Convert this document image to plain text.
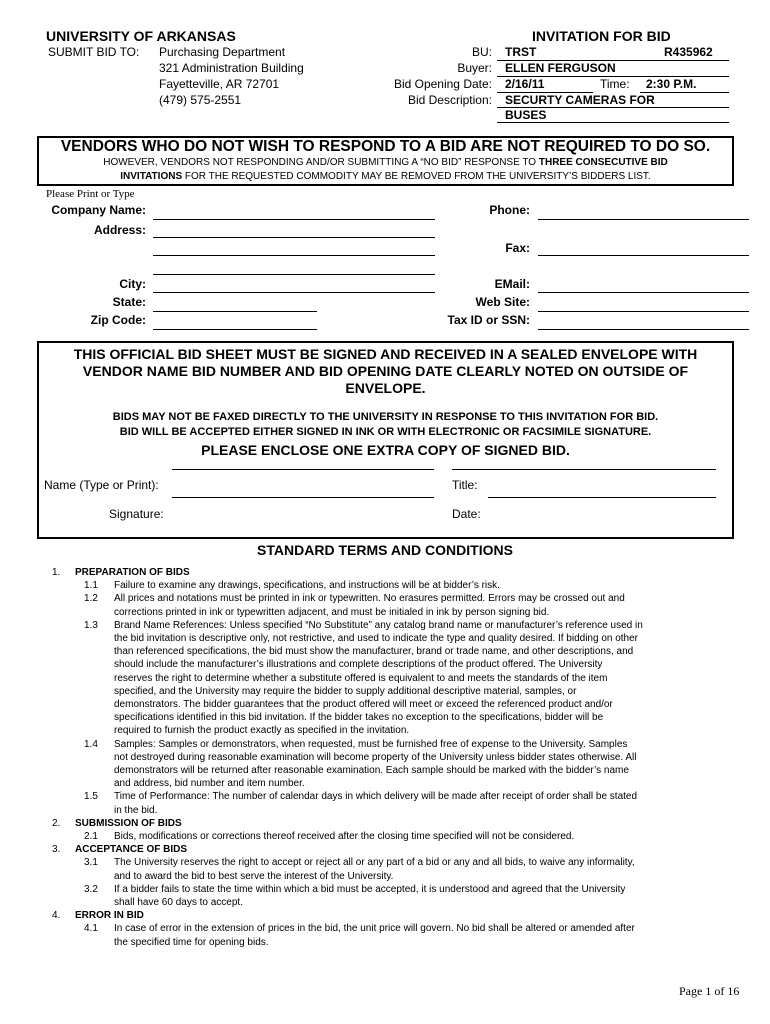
UNIVERSITY OF ARKANSAS	INVITATION FOR BID
SUBMIT BID TO: Purchasing Department
321 Administration Building
Fayetteville, AR 72701
(479) 575-2551
BU: TRST	R435962
Buyer: ELLEN FERGUSON
Bid Opening Date: 2/16/11	Time: 2:30 P.M.
Bid Description: SECURTY CAMERAS FOR
BUSES
VENDORS WHO DO NOT WISH TO RESPOND TO A BID ARE NOT REQUIRED TO DO SO.
HOWEVER, VENDORS NOT RESPONDING AND/OR SUBMITTING A “NO BID” RESPONSE TO THREE CONSECUTIVE BID
INVITATIONS FOR THE REQUESTED COMMODITY MAY BE REMOVED FROM THE UNIVERSITY’S BIDDERS LIST.
Please Print or Type
Company Name:
Address:
City:
State:
Zip Code:
Phone:
Fax:
EMail:
Web Site:
Tax ID or SSN:
THIS OFFICIAL BID SHEET MUST BE SIGNED AND RECEIVED IN A SEALED ENVELOPE WITH
VENDOR NAME BID NUMBER AND BID OPENING DATE CLEARLY NOTED ON OUTSIDE OF
ENVELOPE.
BIDS MAY NOT BE FAXED DIRECTLY TO THE UNIVERSITY IN RESPONSE TO THIS INVITATION FOR BID.
BID WILL BE ACCEPTED EITHER SIGNED IN INK OR WITH ELECTRONIC OR FACSIMILE SIGNATURE.
PLEASE ENCLOSE ONE EXTRA COPY OF SIGNED BID.
Name (Type or Print):	Title:
Signature:	Date:
STANDARD TERMS AND CONDITIONS
1. PREPARATION OF BIDS
1.1 Failure to examine any drawings, specifications, and instructions will be at bidder’s risk.
1.2 All prices and notations must be printed in ink or typewritten. No erasures permitted. Errors may be crossed out and
corrections printed in ink or typewritten adjacent, and must be initialed in ink by person signing bid.
1.3 Brand Name References: Unless specified “No Substitute” any catalog brand name or manufacturer’s reference used in
the bid invitation is descriptive only, not restrictive, and used to indicate the type and quality desired. If bidding on other
than referenced specifications, the bid must show the manufacturer, brand or trade name, and other descriptions, and
should include the manufacturer’s illustrations and complete descriptions of the product offered. The University
reserves the right to determine whether a substitute offered is equivalent to and meets the standards of the item
specified, and the University may require the bidder to supply additional descriptive material, samples, or
demonstrators. The bidder guarantees that the product offered will meet or exceed the referenced product and/or
specifications identified in this bid invitation. If the bidder takes no exception to the specifications, bidder will be
required to furnish the product exactly as specified in the invitation.
1.4 Samples: Samples or demonstrators, when requested, must be furnished free of expense to the University. Samples
not destroyed during reasonable examination will become property of the University unless bidder states otherwise. All
demonstrators will be returned after reasonable examination. Each sample should be marked with the bidder’s name
and address, bid number and item number.
1.5 Time of Performance: The number of calendar days in which delivery will be made after receipt of order shall be stated
in the bid.
2. SUBMISSION OF BIDS
2.1 Bids, modifications or corrections thereof received after the closing time specified will not be considered.
3. ACCEPTANCE OF BIDS
3.1 The University reserves the right to accept or reject all or any part of a bid or any and all bids, to waive any informality,
and to award the bid to best serve the interest of the University.
3.2 If a bidder fails to state the time within which a bid must be accepted, it is understood and agreed that the University
shall have 60 days to accept.
4. ERROR IN BID
4.1 In case of error in the extension of prices in the bid, the unit price will govern. No bid shall be altered or amended after
the specified time for opening bids.
Page 1 of 16
